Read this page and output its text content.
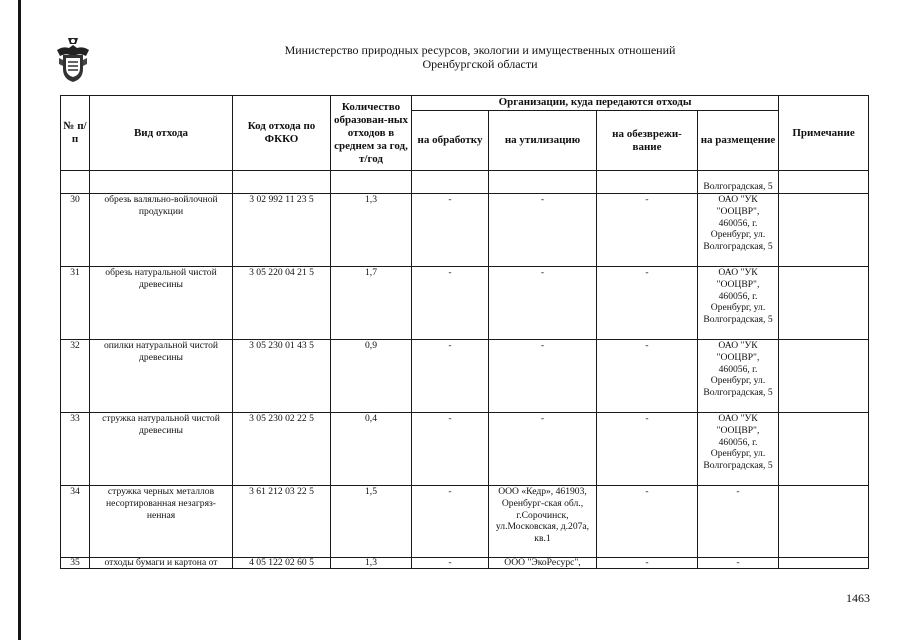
Министерство природных ресурсов, экологии и имущественных отношений
Оренбургской области
№ п/п	Вид отхода	Код отхода по ФККО	Количество образован-ных отходов в среднем за год, т/год	Организации, куда передаются отходы				Примечание
				на обработку	на утилизацию	на обезврежи-вание	на размещение	
							Волгоградская, 5	
30	обрезь валяльно-войлочной продукции	3 02 992 11 23 5	1,3	-	-	-	ОАО "УК "ООЦВР", 460056, г. Оренбург, ул. Волгоградская, 5	
31	обрезь натуральной чистой древесины	3 05 220 04 21 5	1,7	-	-	-	ОАО "УК "ООЦВР", 460056, г. Оренбург, ул. Волгоградская, 5	
32	опилки натуральной чистой древесины	3 05 230 01 43 5	0,9	-	-	-	ОАО "УК "ООЦВР", 460056, г. Оренбург, ул. Волгоградская, 5	
33	стружка натуральной чистой древесины	3 05 230 02 22 5	0,4	-	-	-	ОАО "УК "ООЦВР", 460056, г. Оренбург, ул. Волгоградская, 5	
34	стружка черных металлов несортированная незагряз-ненная	3 61 212 03 22 5	1,5	-	ООО «Кедр», 461903, Оренбург-ская обл., г.Сорочинск, ул.Московская, д.207а, кв.1	-	-	
35	отходы бумаги и картона от	4 05 122 02 60 5	1,3	-	ООО "ЭкоРесурс",	-	-	
1463
